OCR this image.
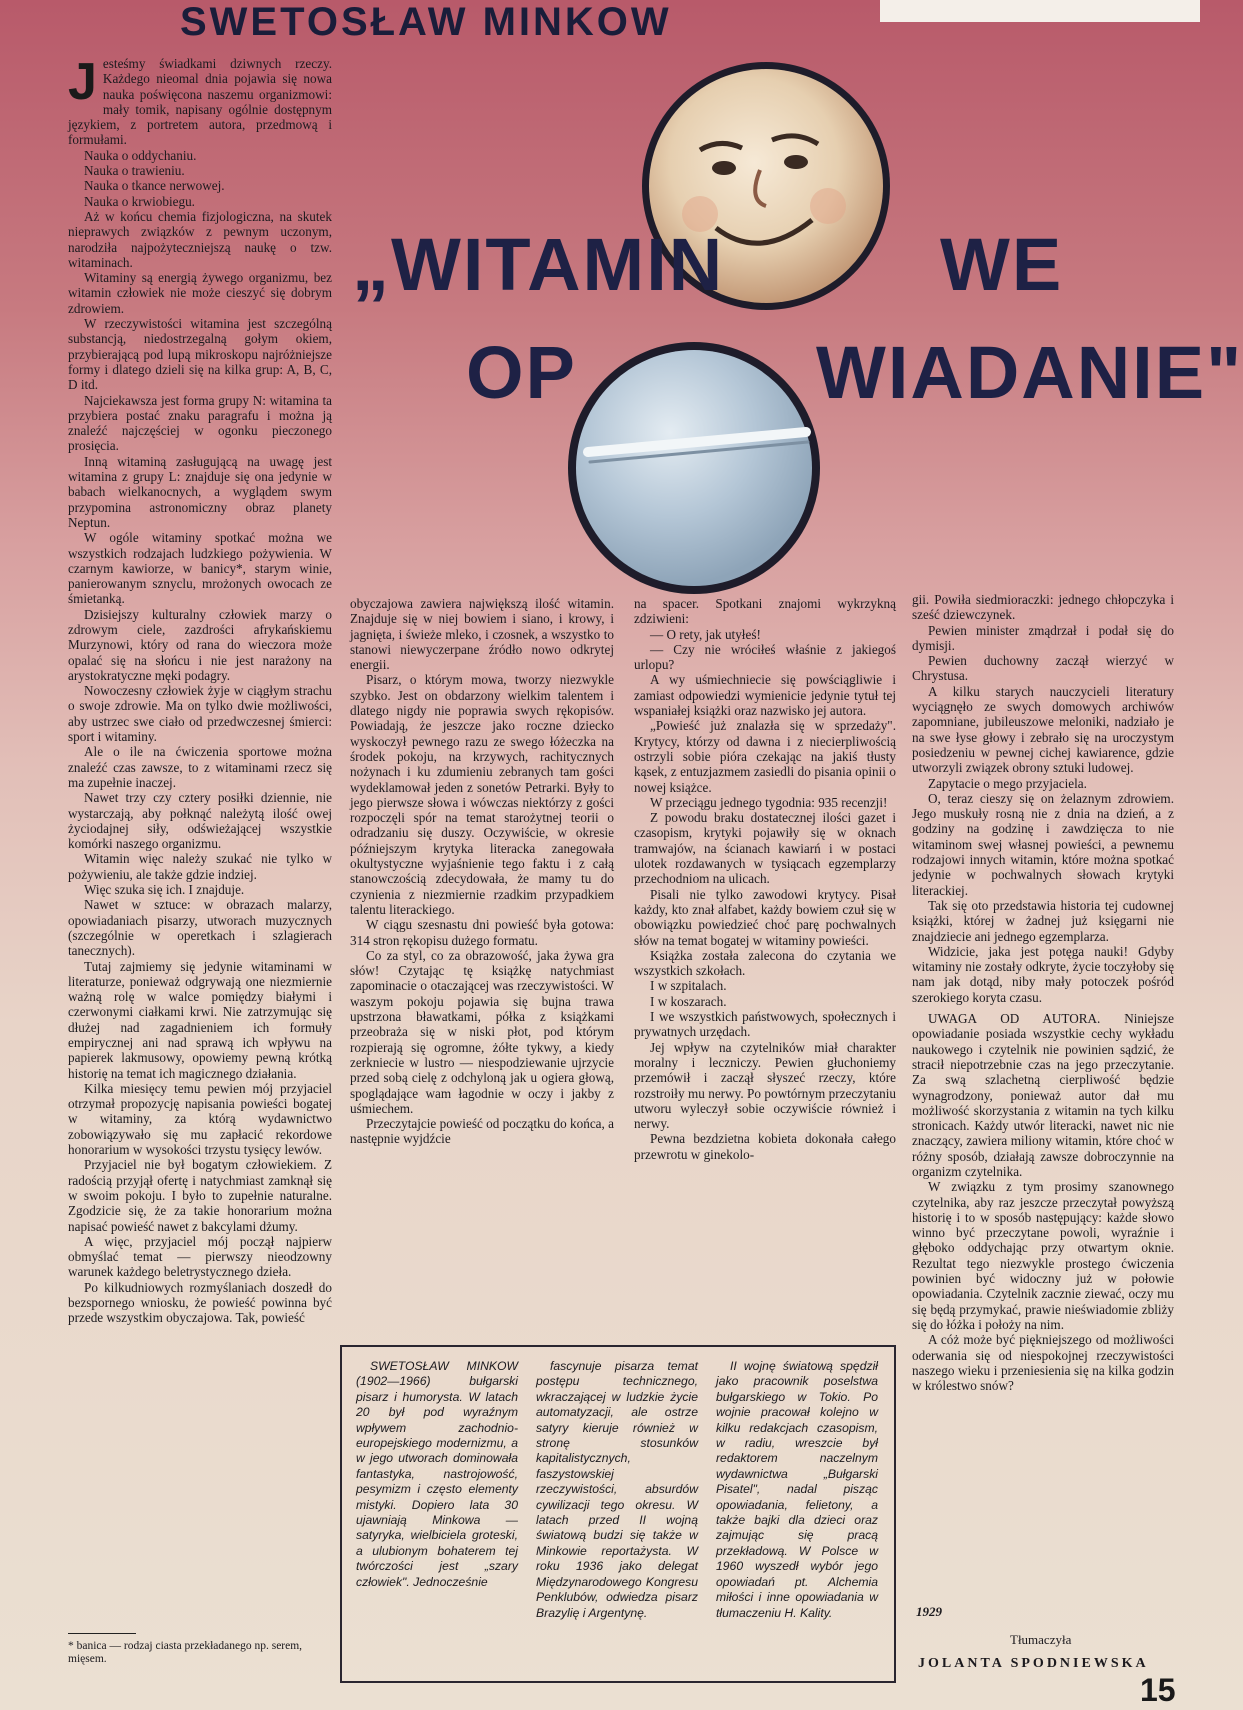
SWETOSŁAW MINKOW
„WITAMIN	WE
OP	WIADANIE"

Jesteśmy świadkami dziwnych rzeczy. Każdego nieomal dnia pojawia się nowa nauka poświęcona naszemu organizmowi: mały tomik, napisany ogólnie dostępnym językiem, z portretem autora, przedmową i formułami.

Nauka o oddychaniu.

Nauka o trawieniu.

Nauka o tkance nerwowej.

Nauka o krwiobiegu.

Aż w końcu chemia fizjologiczna, na skutek nieprawych związków z pewnym uczonym, narodziła najpożyteczniejszą naukę o tzw. witaminach.

Witaminy są energią żywego organizmu, bez witamin człowiek nie może cieszyć się dobrym zdrowiem.

W rzeczywistości witamina jest szczególną substancją, niedostrzegalną gołym okiem, przybierającą pod lupą mikroskopu najróżniejsze formy i dlatego dzieli się na kilka grup: A, B, C, D itd.

Najciekawsza jest forma grupy N: witamina ta przybiera postać znaku paragrafu i można ją znaleźć najczęściej w ogonku pieczonego prosięcia.

Inną witaminą zasługującą na uwagę jest witamina z grupy L: znajduje się ona jedynie w babach wielkanocnych, a wyglądem swym przypomina astronomiczny obraz planety Neptun.

W ogóle witaminy spotkać można we wszystkich rodzajach ludzkiego pożywienia. W czarnym kawiorze, w banicy*, starym winie, panierowanym sznyclu, mrożonych owocach ze śmietanką.

Dzisiejszy kulturalny człowiek marzy o zdrowym ciele, zazdrości afrykańskiemu Murzynowi, który od rana do wieczora może opalać się na słońcu i nie jest narażony na arystokratyczne męki podagry.

Nowoczesny człowiek żyje w ciągłym strachu o swoje zdrowie. Ma on tylko dwie możliwości, aby ustrzec swe ciało od przedwczesnej śmierci: sport i witaminy.

Ale o ile na ćwiczenia sportowe można znaleźć czas zawsze, to z witaminami rzecz się ma zupełnie inaczej.

Nawet trzy czy cztery posiłki dziennie, nie wystarczają, aby połknąć należytą ilość owej życiodajnej siły, odświeżającej wszystkie komórki naszego organizmu.

Witamin więc należy szukać nie tylko w pożywieniu, ale także gdzie indziej.

Więc szuka się ich. I znajduje.

Nawet w sztuce: w obrazach malarzy, opowiadaniach pisarzy, utworach muzycznych (szczególnie w operetkach i szlagierach tanecznych).

Tutaj zajmiemy się jedynie witaminami w literaturze, ponieważ odgrywają one niezmiernie ważną rolę w walce pomiędzy białymi i czerwonymi ciałkami krwi. Nie zatrzymując się dłużej nad zagadnieniem ich formuły empirycznej ani nad sprawą ich wpływu na papierek lakmusowy, opowiemy pewną krótką historię na temat ich magicznego działania.

Kilka miesięcy temu pewien mój przyjaciel otrzymał propozycję napisania powieści bogatej w witaminy, za którą wydawnictwo zobowiązywało się mu zapłacić rekordowe honorarium w wysokości trzystu tysięcy lewów.

Przyjaciel nie był bogatym człowiekiem. Z radością przyjął ofertę i natychmiast zamknął się w swoim pokoju. I było to zupełnie naturalne. Zgodzicie się, że za takie honorarium można napisać powieść nawet z bakcylami dżumy.

A więc, przyjaciel mój począł najpierw obmyślać temat — pierwszy nieodzowny warunek każdego beletrystycznego dzieła.

Po kilkudniowych rozmyślaniach doszedł do bezspornego wniosku, że powieść powinna być przede wszystkim obyczajowa. Tak, powieść

obyczajowa zawiera największą ilość witamin. Znajduje się w niej bowiem i siano, i krowy, i jagnięta, i świeże mleko, i czosnek, a wszystko to stanowi niewyczerpane źródło nowo odkrytej energii.

Pisarz, o którym mowa, tworzy niezwykle szybko. Jest on obdarzony wielkim talentem i dlatego nigdy nie poprawia swych rękopisów. Powiadają, że jeszcze jako roczne dziecko wyskoczył pewnego razu ze swego łóżeczka na środek pokoju, na krzywych, rachitycznych nożynach i ku zdumieniu zebranych tam gości wydeklamował jeden z sonetów Petrarki. Były to jego pierwsze słowa i wówczas niektórzy z gości rozpoczęli spór na temat starożytnej teorii o odradzaniu się duszy. Oczywiście, w okresie późniejszym krytyka literacka zanegowała okultystyczne wyjaśnienie tego faktu i z całą stanowczością zdecydowała, że mamy tu do czynienia z niezmiernie rzadkim przypadkiem talentu literackiego.

W ciągu szesnastu dni powieść była gotowa: 314 stron rękopisu dużego formatu.

Co za styl, co za obrazowość, jaka żywa gra słów! Czytając tę książkę natychmiast zapominacie o otaczającej was rzeczywistości. W waszym pokoju pojawia się bujna trawa upstrzona bławatkami, półka z książkami przeobraża się w niski płot, pod którym rozpierają się ogromne, żółte tykwy, a kiedy zerkniecie w lustro — niespodziewanie ujrzycie przed sobą cielę z odchyloną jak u ogiera głową, spoglądające wam łagodnie w oczy i jakby z uśmiechem.

Przeczytajcie powieść od początku do końca, a następnie wyjdźcie

na spacer. Spotkani znajomi wykrzykną zdziwieni:

— O rety, jak utyłeś!

— Czy nie wróciłeś właśnie z jakiegoś urlopu?

A wy uśmiechniecie się powściągliwie i zamiast odpowiedzi wymienicie jedynie tytuł tej wspaniałej książki oraz nazwisko jej autora.

„Powieść już znalazła się w sprzedaży". Krytycy, którzy od dawna i z niecierpliwością ostrzyli sobie pióra czekając na jakiś tłusty kąsek, z entuzjazmem zasiedli do pisania opinii o nowej książce.

W przeciągu jednego tygodnia: 935 recenzji!

Z powodu braku dostatecznej ilości gazet i czasopism, krytyki pojawiły się w oknach tramwajów, na ścianach kawiarń i w postaci ulotek rozdawanych w tysiącach egzemplarzy przechodniom na ulicach.

Pisali nie tylko zawodowi krytycy. Pisał każdy, kto znał alfabet, każdy bowiem czuł się w obowiązku powiedzieć choć parę pochwalnych słów na temat bogatej w witaminy powieści.

Książka została zalecona do czytania we wszystkich szkołach.

I w szpitalach.

I w koszarach.

I we wszystkich państwowych, społecznych i prywatnych urzędach.

Jej wpływ na czytelników miał charakter moralny i leczniczy. Pewien głuchoniemy przemówił i zaczął słyszeć rzeczy, które rozstroiły mu nerwy. Po powtórnym przeczytaniu utworu wyleczył sobie oczywiście również i nerwy.

Pewna bezdzietna kobieta dokonała całego przewrotu w ginekolo-

gii. Powiła siedmioraczki: jednego chłopczyka i sześć dziewczynek.

Pewien minister zmądrzał i podał się do dymisji.

Pewien duchowny zaczął wierzyć w Chrystusa.

A kilku starych nauczycieli literatury wyciągnęło ze swych domowych archiwów zapomniane, jubileuszowe meloniki, nadziało je na swe łyse głowy i zebrało się na uroczystym posiedzeniu w pewnej cichej kawiarence, gdzie utworzyli związek obrony sztuki ludowej.

Zapytacie o mego przyjaciela.

O, teraz cieszy się on żelaznym zdrowiem. Jego muskuły rosną nie z dnia na dzień, a z godziny na godzinę i zawdzięcza to nie witaminom swej własnej powieści, a pewnemu rodzajowi innych witamin, które można spotkać jedynie w pochwalnych słowach krytyki literackiej.

Tak się oto przedstawia historia tej cudownej książki, której w żadnej już księgarni nie znajdziecie ani jednego egzemplarza.

Widzicie, jaka jest potęga nauki! Gdyby witaminy nie zostały odkryte, życie toczyłoby się nam jak dotąd, niby mały potoczek pośród szerokiego koryta czasu.

UWAGA OD AUTORA. Niniejsze opowiadanie posiada wszystkie cechy wykładu naukowego i czytelnik nie powinien sądzić, że stracił niepotrzebnie czas na jego przeczytanie. Za swą szlachetną cierpliwość będzie wynagrodzony, ponieważ autor dał mu możliwość skorzystania z witamin na tych kilku stronicach. Każdy utwór literacki, nawet nic nie znaczący, zawiera miliony witamin, które choć w różny sposób, działają zawsze dobroczynnie na organizm czytelnika.

W związku z tym prosimy szanownego czytelnika, aby raz jeszcze przeczytał powyższą historię i to w sposób następujący: każde słowo winno być przeczytane powoli, wyraźnie i głęboko oddychając przy otwartym oknie. Rezultat tego niezwykle prostego ćwiczenia powinien być widoczny już w połowie opowiadania. Czytelnik zacznie ziewać, oczy mu się będą przymykać, prawie nieświadomie zbliży się do łóżka i położy na nim.

A cóż może być piękniejszego od możliwości oderwania się od niespokojnej rzeczywistości naszego wieku i przeniesienia się na kilka godzin w królestwo snów?

1929
Tłumaczyła
JOLANTA SPODNIEWSKA

SWETOSŁAW MINKOW (1902—1966) bułgarski pisarz i humorysta. W latach 20 był pod wyraźnym wpływem zachodnio-europejskiego modernizmu, a w jego utworach dominowała fantastyka, nastrojowość, pesymizm i często elementy mistyki. Dopiero lata 30 ujawniają Minkowa — satyryka, wielbiciela groteski, a ulubionym bohaterem tej twórczości jest „szary człowiek". Jednocześnie

fascynuje pisarza temat postępu technicznego, wkraczającej w ludzkie życie automatyzacji, ale ostrze satyry kieruje również w stronę stosunków kapitalistycznych, faszystowskiej rzeczywistości, absurdów cywilizacji tego okresu. W latach przed II wojną światową budzi się także w Minkowie reportażysta. W roku 1936 jako delegat Międzynarodowego Kongresu Penklubów, odwiedza pisarz Brazylię i Argentynę.

II wojnę światową spędził jako pracownik poselstwa bułgarskiego w Tokio. Po wojnie pracował kolejno w kilku redakcjach czasopism, w radiu, wreszcie był redaktorem naczelnym wydawnictwa „Bułgarski Pisatel", nadal pisząc opowiadania, felietony, a także bajki dla dzieci oraz zajmując się pracą przekładową. W Polsce w 1960 wyszedł wybór jego opowiadań pt. Alchemia miłości i inne opowiadania w tłumaczeniu H. Kality.

* banica — rodzaj ciasta przekładanego np. serem, mięsem.
15
